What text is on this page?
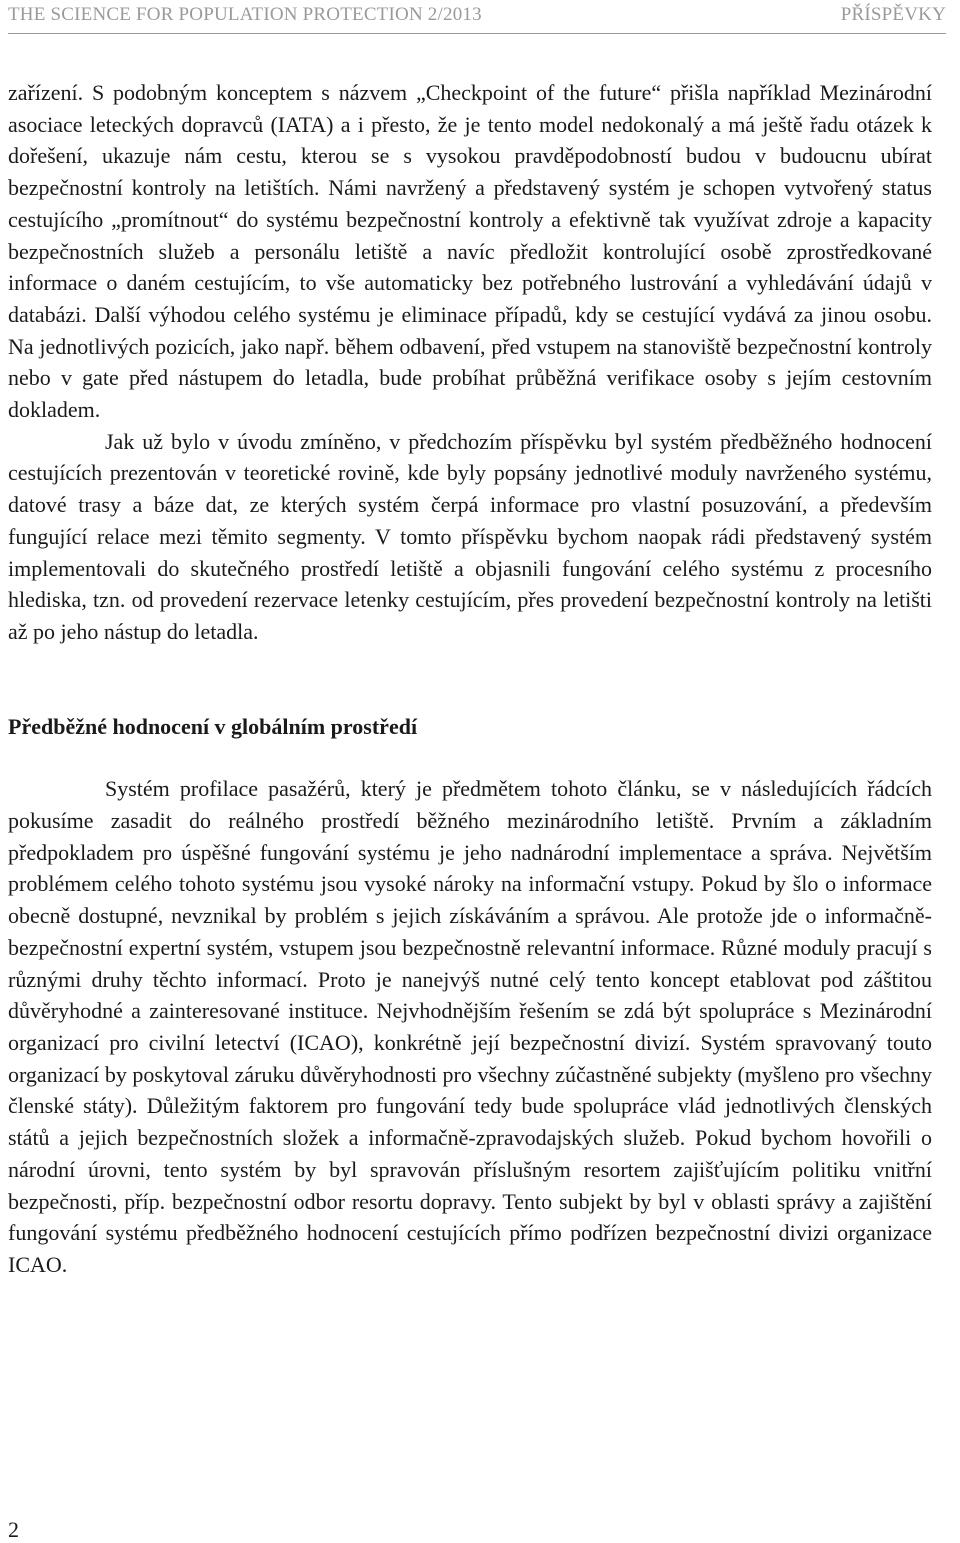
THE SCIENCE FOR POPULATION PROTECTION 2/2013	PŘÍSPĚVKY

zařízení. S podobným konceptem s názvem „Checkpoint of the future“ přišla například Mezinárodní asociace leteckých dopravců (IATA) a i přesto, že je tento model nedokonalý a má ještě řadu otázek k dořešení, ukazuje nám cestu, kterou se s vysokou pravděpodobností budou v budoucnu ubírat bezpečnostní kontroly na letištích. Námi navržený a představený systém je schopen vytvořený status cestujícího „promítnout“ do systému bezpečnostní kontroly a efektivně tak využívat zdroje a kapacity bezpečnostních služeb a personálu letiště a navíc předložit kontrolující osobě zprostředkované informace o daném cestujícím, to vše automaticky bez potřebného lustrování a vyhledávání údajů v databázi. Další výhodou celého systému je eliminace případů, kdy se cestující vydává za jinou osobu. Na jednotlivých pozicích, jako např. během odbavení, před vstupem na stanoviště bezpečnostní kontroly nebo v gate před nástupem do letadla, bude probíhat průběžná verifikace osoby s jejím cestovním dokladem.

Jak už bylo v úvodu zmíněno, v předchozím příspěvku byl systém předběžného hodnocení cestujících prezentován v teoretické rovině, kde byly popsány jednotlivé moduly navrženého systému, datové trasy a báze dat, ze kterých systém čerpá informace pro vlastní posuzování, a především fungující relace mezi těmito segmenty. V tomto příspěvku bychom naopak rádi představený systém implementovali do skutečného prostředí letiště a objasnili fungování celého systému z procesního hlediska, tzn. od provedení rezervace letenky cestujícím, přes provedení bezpečnostní kontroly na letišti až po jeho nástup do letadla.

Předběžné hodnocení v globálním prostředí

Systém profilace pasažérů, který je předmětem tohoto článku, se v následujících řádcích pokusíme zasadit do reálného prostředí běžného mezinárodního letiště. Prvním a základním předpokladem pro úspěšné fungování systému je jeho nadnárodní implementace a správa. Největším problémem celého tohoto systému jsou vysoké nároky na informační vstupy. Pokud by šlo o informace obecně dostupné, nevznikal by problém s jejich získáváním a správou. Ale protože jde o informačně-bezpečnostní expertní systém, vstupem jsou bezpečnostně relevantní informace. Různé moduly pracují s různými druhy těchto informací. Proto je nanejvýš nutné celý tento koncept etablovat pod záštitou důvěryhodné a zainteresované instituce. Nejvhodnějším řešením se zdá být spolupráce s Mezinárodní organizací pro civilní letectví (ICAO), konkrétně její bezpečnostní divizí. Systém spravovaný touto organizací by poskytoval záruku důvěryhodnosti pro všechny zúčastněné subjekty (myšleno pro všechny členské státy). Důležitým faktorem pro fungování tedy bude spolupráce vlád jednotlivých členských států a jejich bezpečnostních složek a informačně-zpravodajských služeb. Pokud bychom hovořili o národní úrovni, tento systém by byl spravován příslušným resortem zajišťujícím politiku vnitřní bezpečnosti, příp. bezpečnostní odbor resortu dopravy. Tento subjekt by byl v oblasti správy a zajištění fungování systému předběžného hodnocení cestujících přímo podřízen bezpečnostní divizi organizace ICAO.

2
